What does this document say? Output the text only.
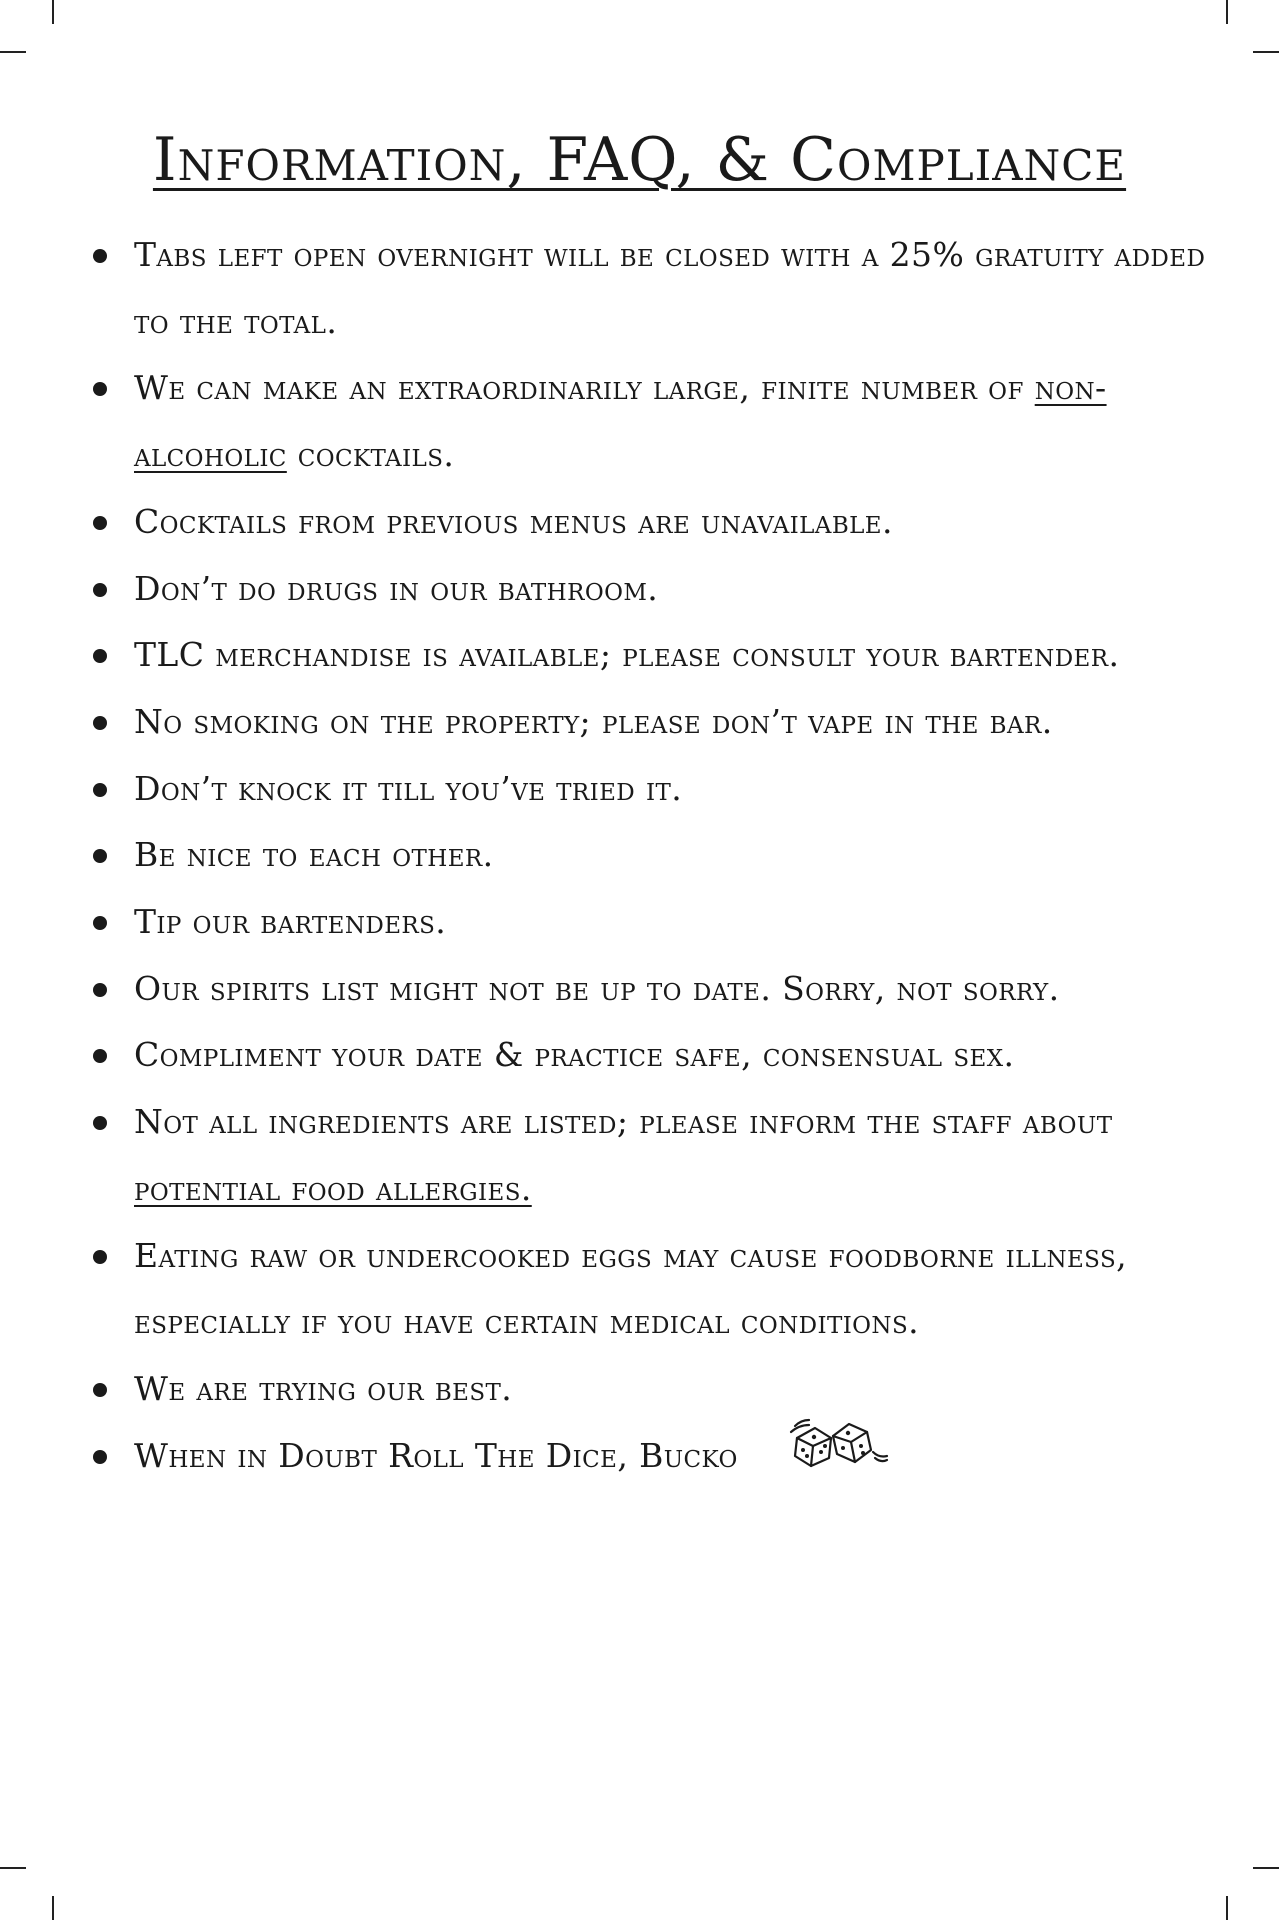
Information, FAQ, & Compliance
Tabs left open overnight will be closed with a 25% gratuity added to the total.
We can make an extraordinarily large, finite number of non-alcoholic cocktails.
Cocktails from previous menus are unavailable.
Don’t do drugs in our bathroom.
TLC merchandise is available; please consult your bartender.
No smoking on the property; please don’t vape in the bar.
Don’t knock it till you’ve tried it.
Be nice to each other.
Tip our bartenders.
Our spirits list might not be up to date. Sorry, not sorry.
Compliment your date & practice safe, consensual sex.
Not all ingredients are listed; please inform the staff about potential food allergies.
Eating raw or undercooked eggs may cause foodborne illness, especially if you have certain medical conditions.
We are trying our best.
When in Doubt Roll The Dice, Bucko
